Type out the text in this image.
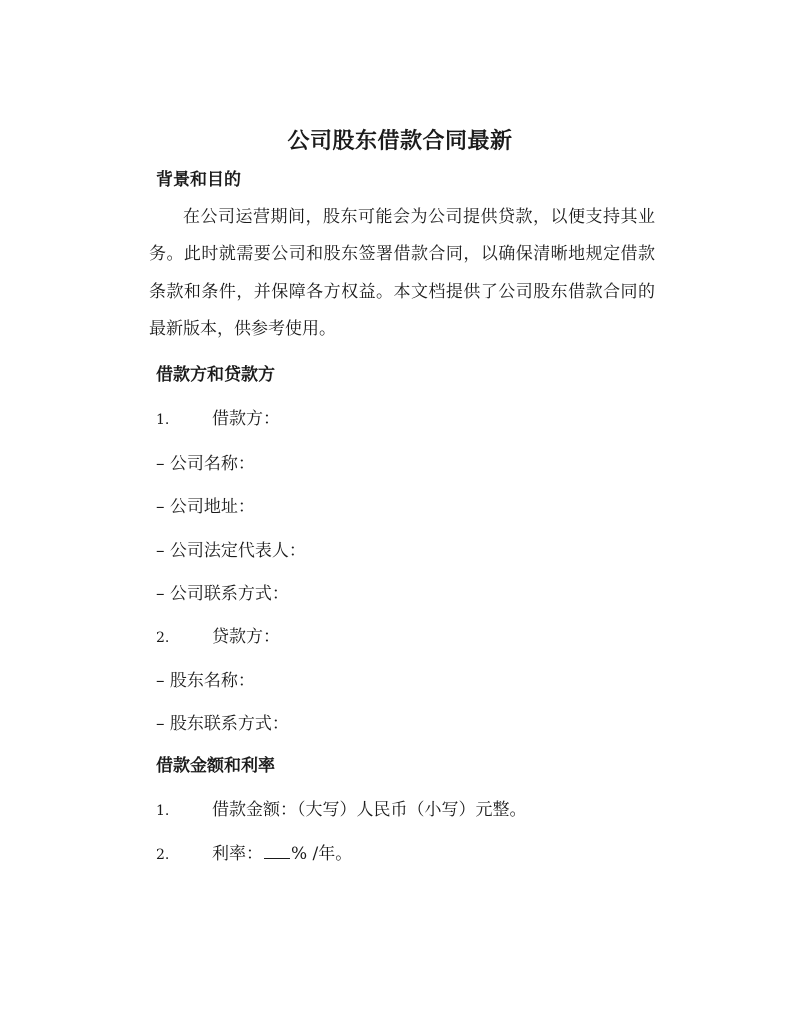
公司股东借款合同最新
背景和目的

在公司运营期间，股东可能会为公司提供贷款，以便支持其业务。此时就需要公司和股东签署借款合同，以确保清晰地规定借款条款和条件，并保障各方权益。本文档提供了公司股东借款合同的最新版本，供参考使用。

借款方和贷款方
1.	借款方：
– 公司名称：
– 公司地址：
– 公司法定代表人：
– 公司联系方式：
2.	贷款方：
– 股东名称：
– 股东联系方式：
借款金额和利率
1.	借款金额：（大写）人民币（小写）元整。
2.	利率： % /年。
